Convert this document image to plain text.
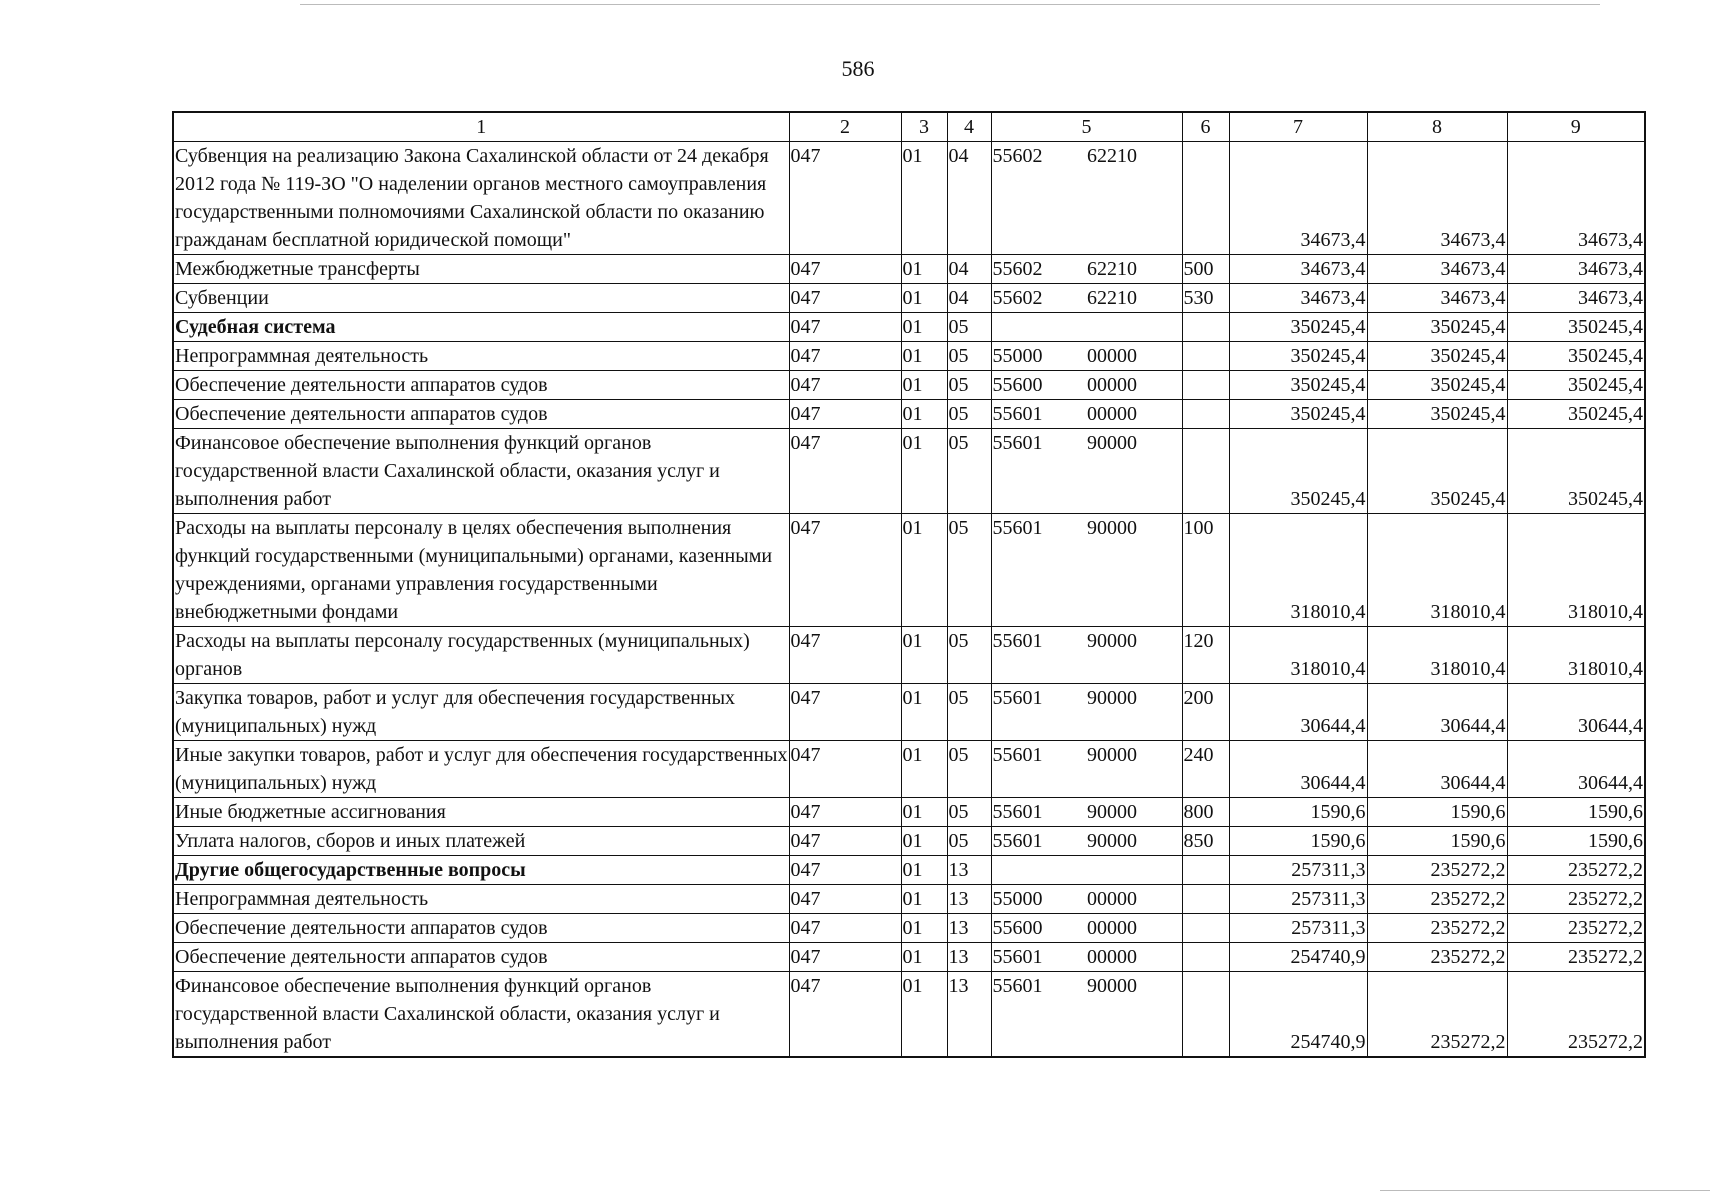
586
1	2	3	4	5	6	7	8	9
Субвенция на реализацию Закона Сахалинской области от 24 декабря 2012 года № 119-ЗО "О наделении органов местного самоуправления государственными полномочиями Сахалинской области по оказанию гражданам бесплатной юридической помощи"	047	01	04	55602 62210		34673,4	34673,4	34673,4
Межбюджетные трансферты	047	01	04	55602 62210	500	34673,4	34673,4	34673,4
Субвенции	047	01	04	55602 62210	530	34673,4	34673,4	34673,4
Судебная система	047	01	05			350245,4	350245,4	350245,4
Непрограммная деятельность	047	01	05	55000 00000		350245,4	350245,4	350245,4
Обеспечение деятельности аппаратов судов	047	01	05	55600 00000		350245,4	350245,4	350245,4
Обеспечение деятельности аппаратов судов	047	01	05	55601 00000		350245,4	350245,4	350245,4
Финансовое обеспечение выполнения функций органов государственной власти Сахалинской области, оказания услуг и выполнения работ	047	01	05	55601 90000		350245,4	350245,4	350245,4
Расходы на выплаты персоналу в целях обеспечения выполнения функций государственными (муниципальными) органами, казенными учреждениями, органами управления государственными внебюджетными фондами	047	01	05	55601 90000	100	318010,4	318010,4	318010,4
Расходы на выплаты персоналу государственных (муниципальных) органов	047	01	05	55601 90000	120	318010,4	318010,4	318010,4
Закупка товаров, работ и услуг для обеспечения государственных (муниципальных) нужд	047	01	05	55601 90000	200	30644,4	30644,4	30644,4
Иные закупки товаров, работ и услуг для обеспечения государственных (муниципальных) нужд	047	01	05	55601 90000	240	30644,4	30644,4	30644,4
Иные бюджетные ассигнования	047	01	05	55601 90000	800	1590,6	1590,6	1590,6
Уплата налогов, сборов и иных платежей	047	01	05	55601 90000	850	1590,6	1590,6	1590,6
Другие общегосударственные вопросы	047	01	13			257311,3	235272,2	235272,2
Непрограммная деятельность	047	01	13	55000 00000		257311,3	235272,2	235272,2
Обеспечение деятельности аппаратов судов	047	01	13	55600 00000		257311,3	235272,2	235272,2
Обеспечение деятельности аппаратов судов	047	01	13	55601 00000		254740,9	235272,2	235272,2
Финансовое обеспечение выполнения функций органов государственной власти Сахалинской области, оказания услуг и выполнения работ	047	01	13	55601 90000		254740,9	235272,2	235272,2
